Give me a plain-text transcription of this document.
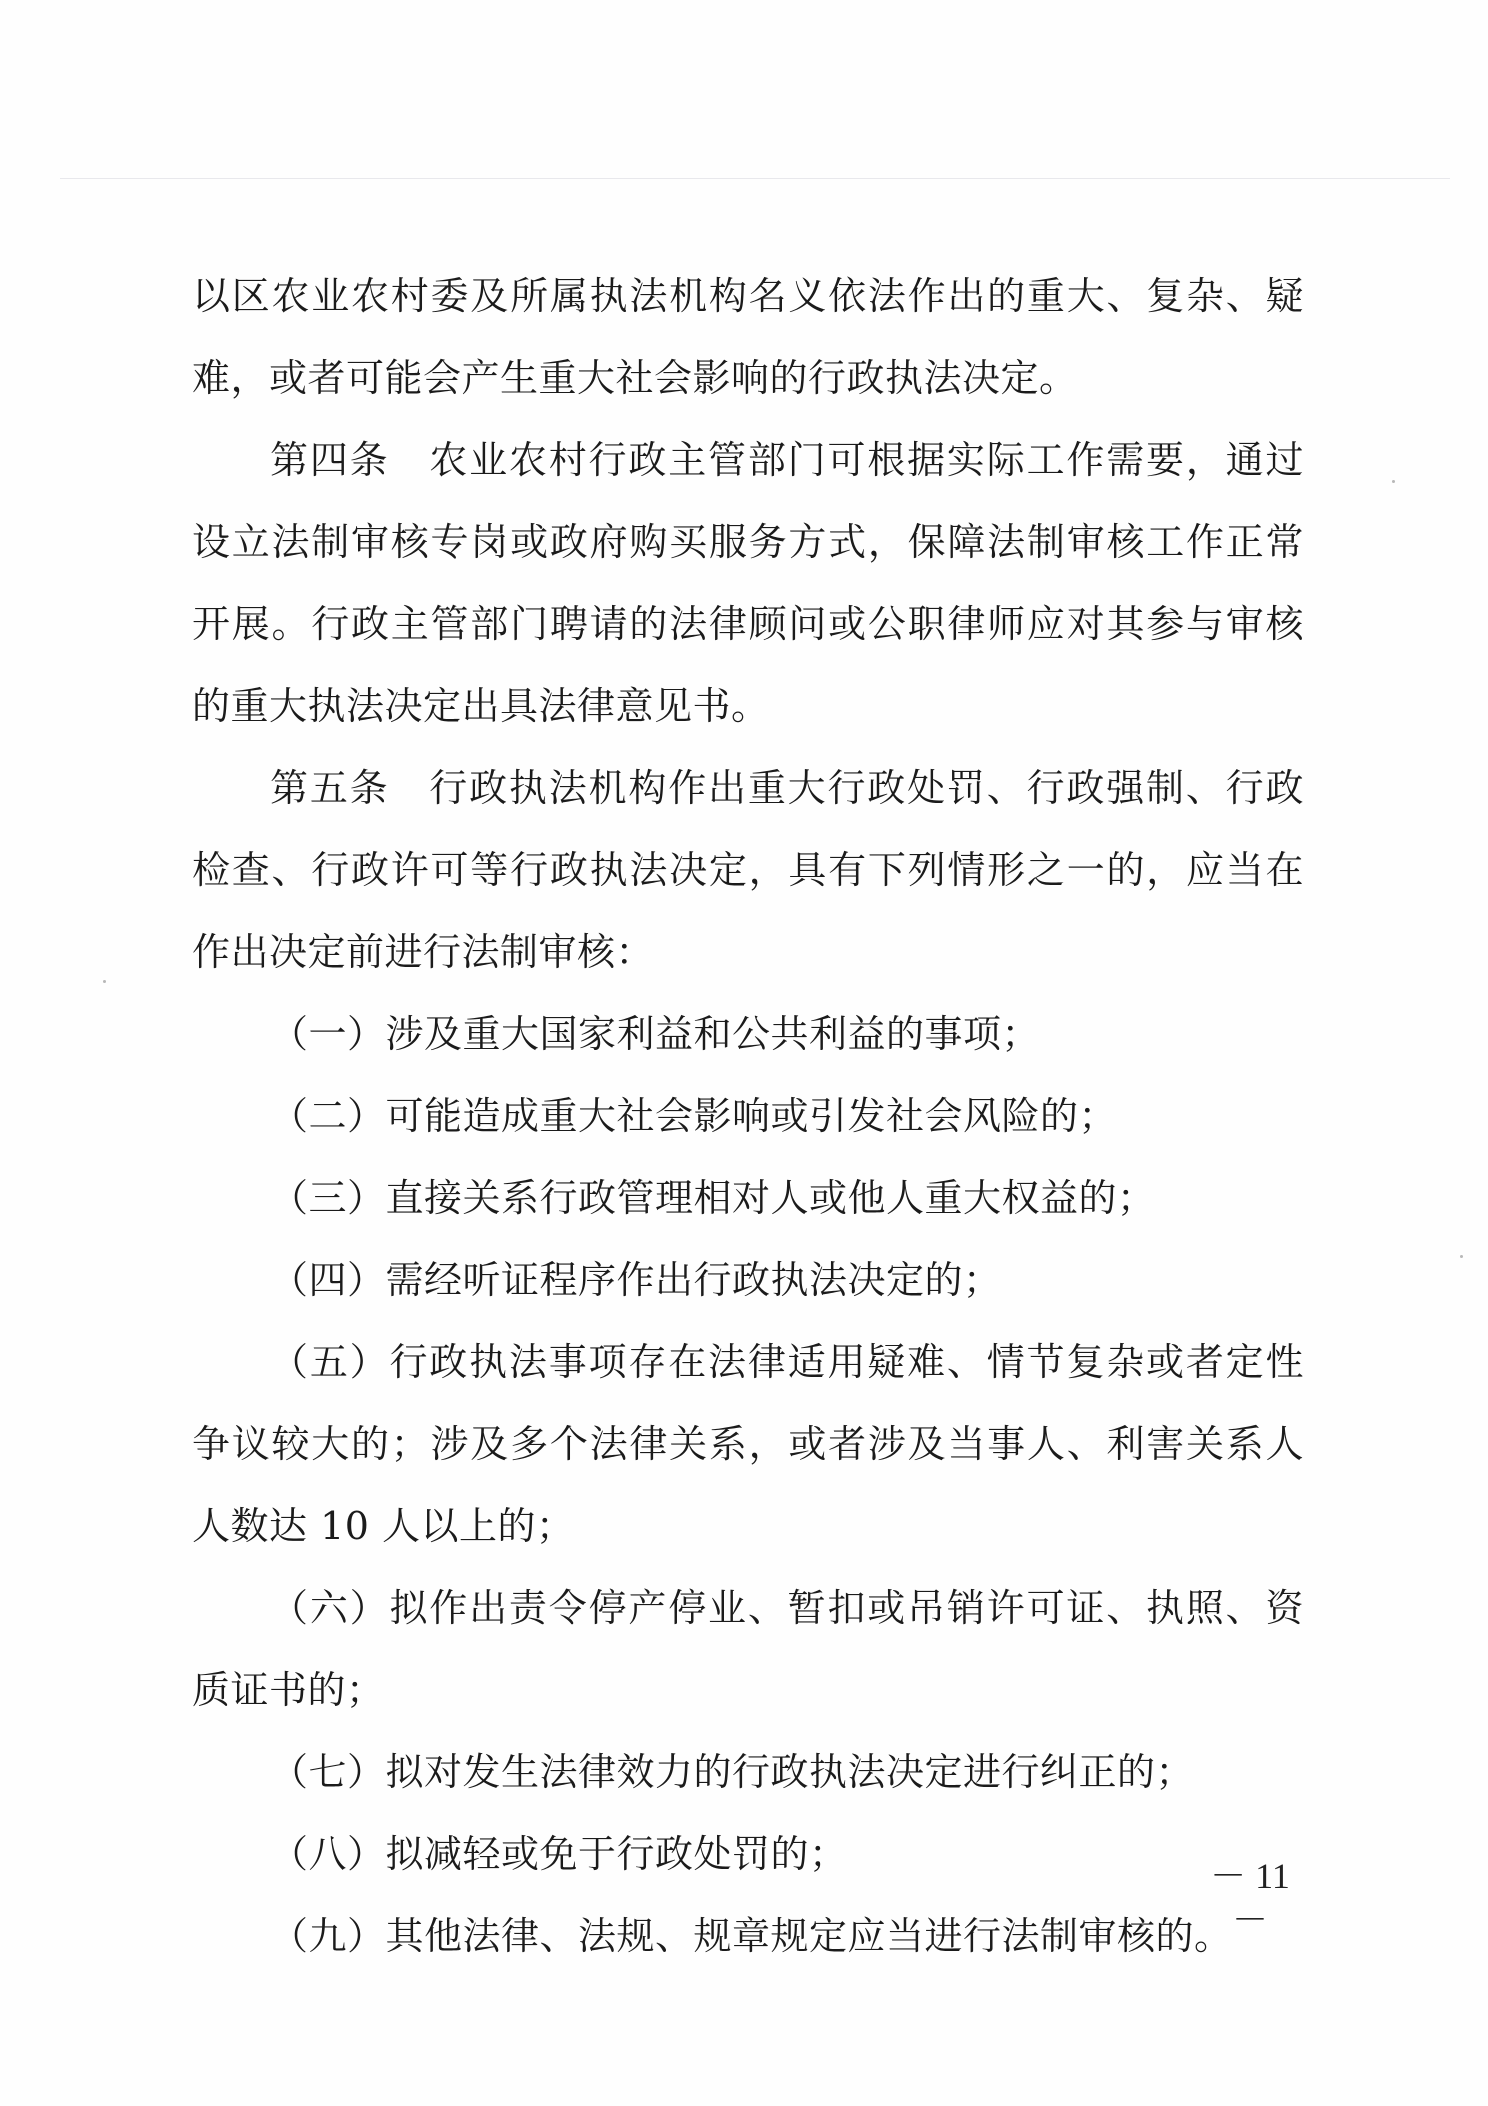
以区农业农村委及所属执法机构名义依法作出的重大、复杂、疑
难，或者可能会产生重大社会影响的行政执法决定。
第四条　农业农村行政主管部门可根据实际工作需要，通过
设立法制审核专岗或政府购买服务方式，保障法制审核工作正常
开展。行政主管部门聘请的法律顾问或公职律师应对其参与审核
的重大执法决定出具法律意见书。
第五条　行政执法机构作出重大行政处罚、行政强制、行政
检查、行政许可等行政执法决定，具有下列情形之一的，应当在
作出决定前进行法制审核：
（一）涉及重大国家利益和公共利益的事项；
（二）可能造成重大社会影响或引发社会风险的；
（三）直接关系行政管理相对人或他人重大权益的；
（四）需经听证程序作出行政执法决定的；
（五）行政执法事项存在法律适用疑难、情节复杂或者定性
争议较大的；涉及多个法律关系，或者涉及当事人、利害关系人
人数达 10 人以上的；
（六）拟作出责令停产停业、暂扣或吊销许可证、执照、资
质证书的；
（七）拟对发生法律效力的行政执法决定进行纠正的；
（八）拟减轻或免于行政处罚的；
（九）其他法律、法规、规章规定应当进行法制审核的。
－ 11 －
